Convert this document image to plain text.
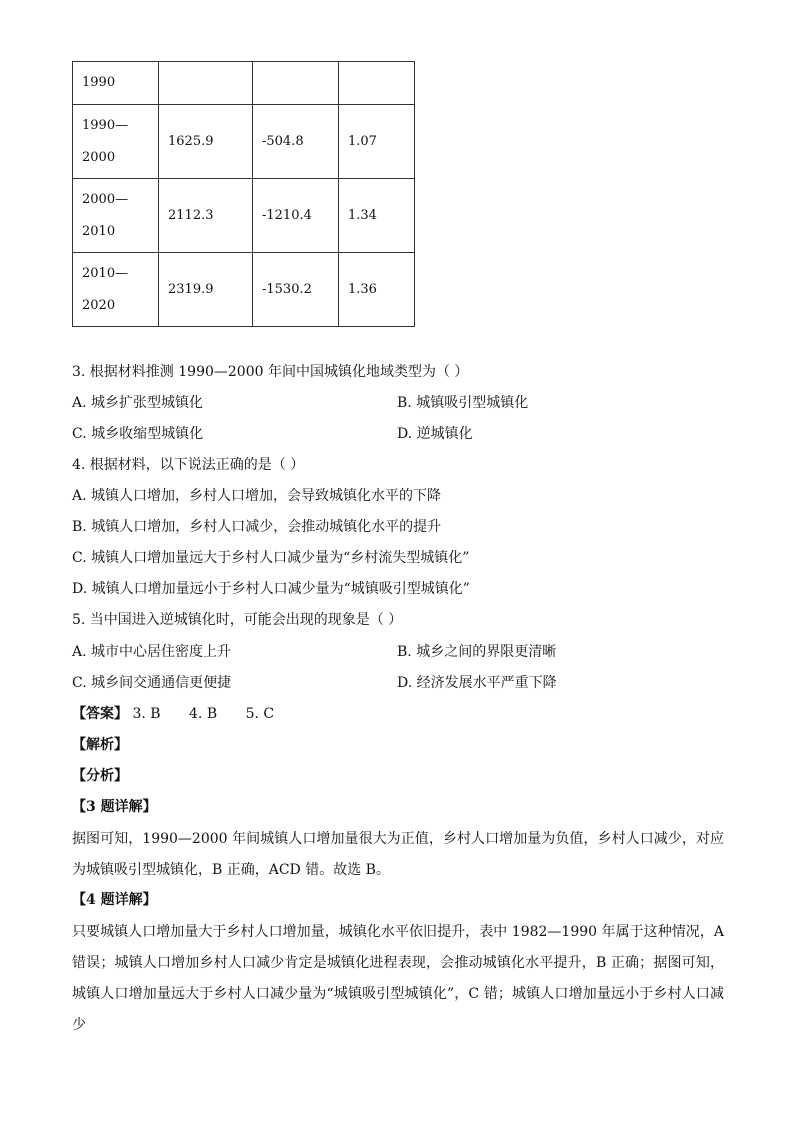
1990			
1990—2000	1625.9	-504.8	1.07
2000—2010	2112.3	-1210.4	1.34
2010—2020	2319.9	-1530.2	1.36
3. 根据材料推测 1990—2000 年间中国城镇化地域类型为（ ）
A. 城乡扩张型城镇化	B. 城镇吸引型城镇化
C. 城乡收缩型城镇化	D. 逆城镇化
4. 根据材料，以下说法正确的是（ ）
A. 城镇人口增加，乡村人口增加，会导致城镇化水平的下降
B. 城镇人口增加，乡村人口减少，会推动城镇化水平的提升
C. 城镇人口增加量远大于乡村人口减少量为“乡村流失型城镇化”
D. 城镇人口增加量远小于乡村人口减少量为“城镇吸引型城镇化”
5. 当中国进入逆城镇化时，可能会出现的现象是（ ）
A. 城市中心居住密度上升	B. 城乡之间的界限更清晰
C. 城乡间交通通信更便捷	D. 经济发展水平严重下降
【答案】 3. B 4. B 5. C
【解析】
【分析】
【3 题详解】
据图可知，1990—2000 年间城镇人口增加量很大为正值，乡村人口增加量为负值，乡村人口减少，对应为城镇吸引型城镇化，B 正确，ACD 错。故选 B。
【4 题详解】
只要城镇人口增加量大于乡村人口增加量，城镇化水平依旧提升，表中 1982—1990 年属于这种情况，A 错误；城镇人口增加乡村人口减少肯定是城镇化进程表现，会推动城镇化水平提升，B 正确；据图可知，城镇人口增加量远大于乡村人口减少量为“城镇吸引型城镇化”，C 错；城镇人口增加量远小于乡村人口减少
